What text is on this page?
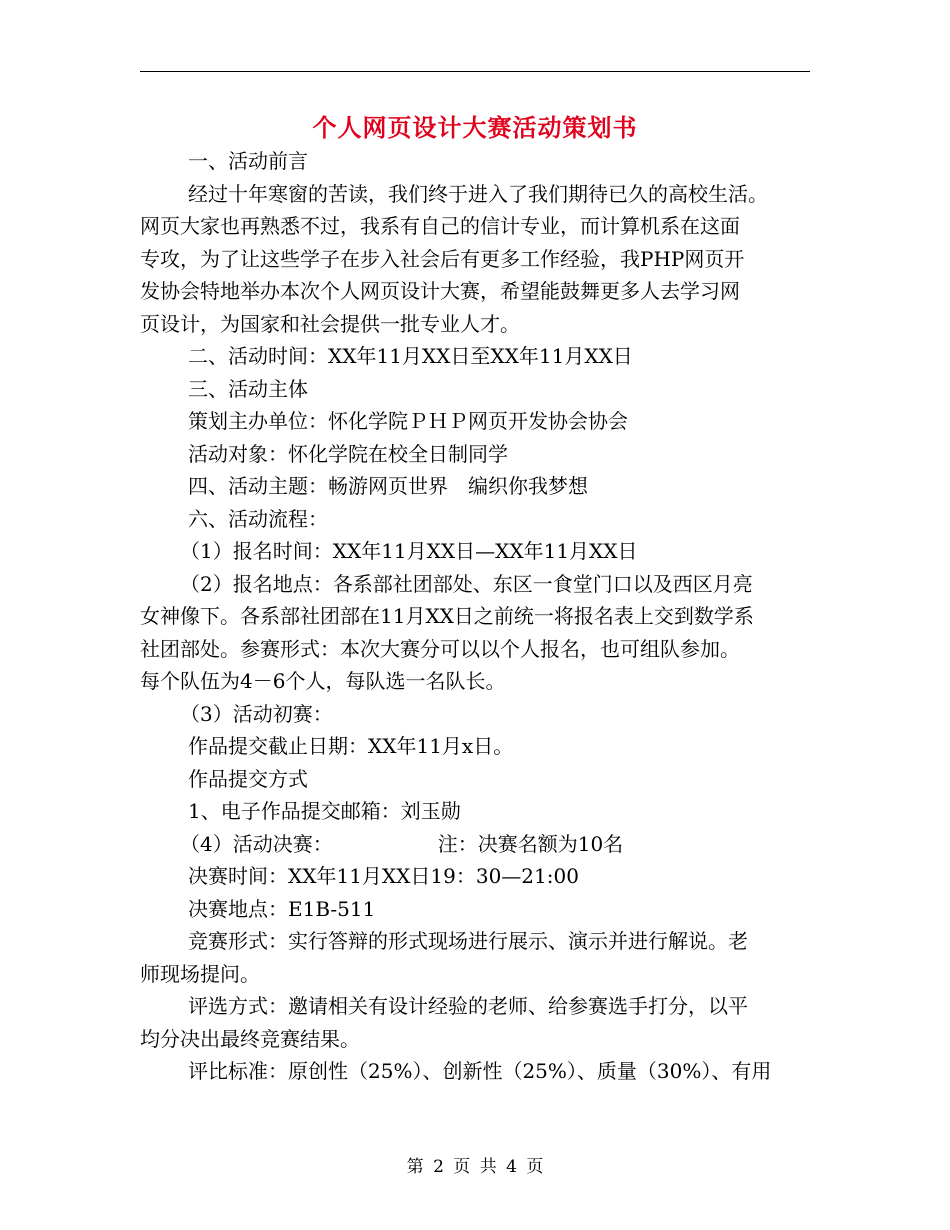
个人网页设计大赛活动策划书

一、活动前言

经过十年寒窗的苦读，我们终于进入了我们期待已久的高校生活。

网页大家也再熟悉不过，我系有自己的信计专业，而计算机系在这面

专攻，为了让这些学子在步入社会后有更多工作经验，我PHP网页开

发协会特地举办本次个人网页设计大赛，希望能鼓舞更多人去学习网

页设计，为国家和社会提供一批专业人才。

二、活动时间：XX年11月XX日至XX年11月XX日

三、活动主体

策划主办单位：怀化学院ＰＨＰ网页开发协会协会

活动对象：怀化学院在校全日制同学

四、活动主题：畅游网页世界　编织你我梦想

六、活动流程：

（1）报名时间：XX年11月XX日—XX年11月XX日

（2）报名地点：各系部社团部处、东区一食堂门口以及西区月亮

女神像下。各系部社团部在11月XX日之前统一将报名表上交到数学系

社团部处。参赛形式：本次大赛分可以以个人报名，也可组队参加。

每个队伍为4－6个人，每队选一名队长。

（3）活动初赛：

作品提交截止日期：XX年11月x日。

作品提交方式

1、电子作品提交邮箱：刘玉勋

（4）活动决赛：	注：决赛名额为10名

决赛时间：XX年11月XX日19：30—21:00

决赛地点：E1B-511

竞赛形式：实行答辩的形式现场进行展示、演示并进行解说。老

师现场提问。

评选方式：邀请相关有设计经验的老师、给参赛选手打分，以平

均分决出最终竞赛结果。

评比标准：原创性（25%）、创新性（25%）、质量（30%）、有用

第 2 页 共 4 页
